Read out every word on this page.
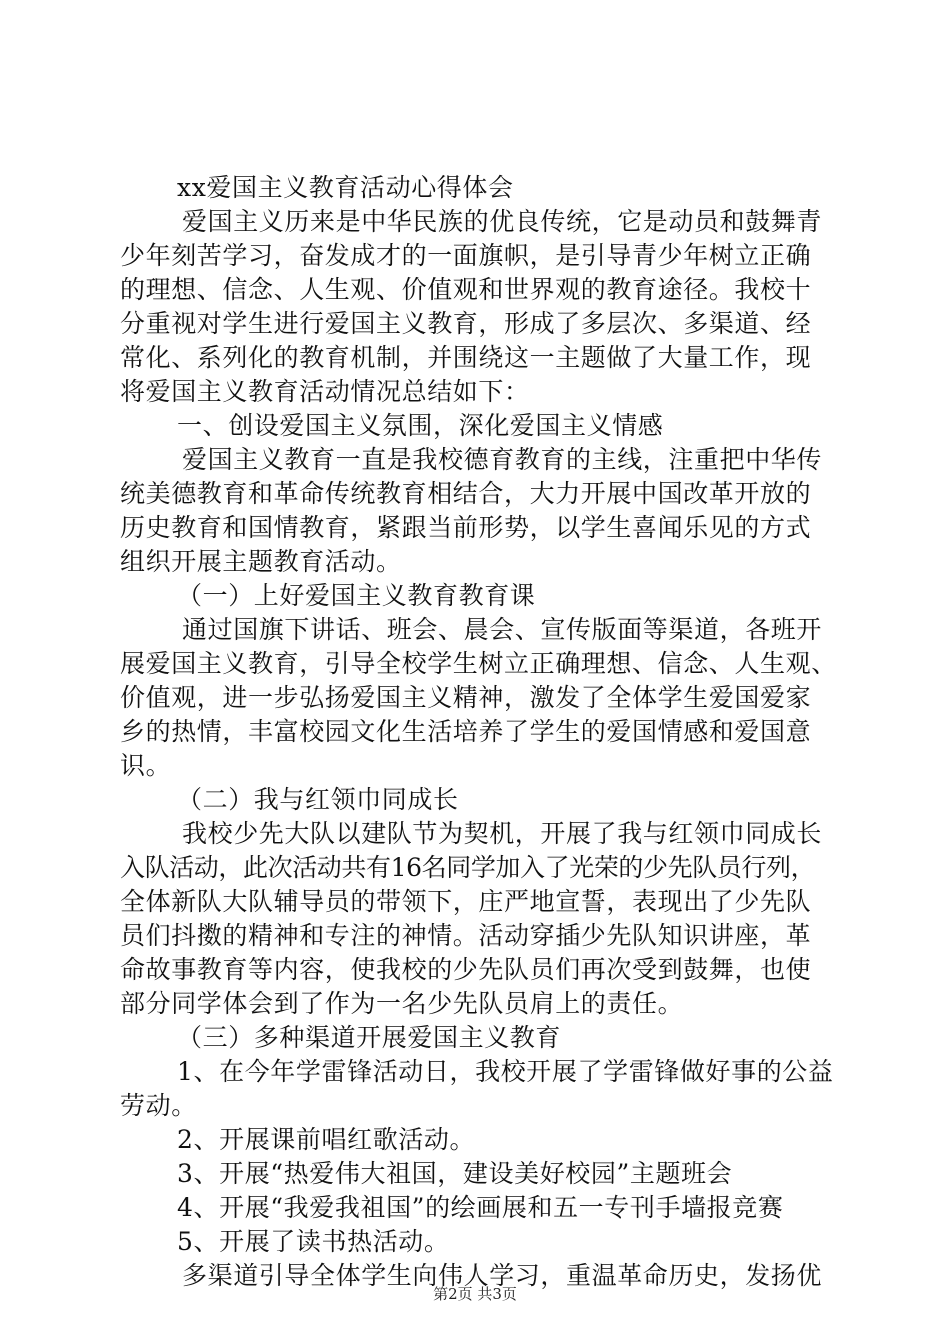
xx爱国主义教育活动心得体会
爱国主义历来是中华民族的优良传统，它是动员和鼓舞青
少年刻苦学习，奋发成才的一面旗帜，是引导青少年树立正确
的理想、信念、人生观、价值观和世界观的教育途径。我校十
分重视对学生进行爱国主义教育，形成了多层次、多渠道、经
常化、系列化的教育机制，并围绕这一主题做了大量工作，现
将爱国主义教育活动情况总结如下：
一、创设爱国主义氛围，深化爱国主义情感
爱国主义教育一直是我校德育教育的主线，注重把中华传
统美德教育和革命传统教育相结合，大力开展中国改革开放的
历史教育和国情教育，紧跟当前形势，以学生喜闻乐见的方式
组织开展主题教育活动。
（一）上好爱国主义教育教育课
通过国旗下讲话、班会、晨会、宣传版面等渠道，各班开
展爱国主义教育，引导全校学生树立正确理想、信念、人生观、
价值观，进一步弘扬爱国主义精神，激发了全体学生爱国爱家
乡的热情，丰富校园文化生活培养了学生的爱国情感和爱国意
识。
（二）我与红领巾同成长
我校少先大队以建队节为契机，开展了我与红领巾同成长
入队活动，此次活动共有16名同学加入了光荣的少先队员行列，
全体新队大队辅导员的带领下，庄严地宣誓，表现出了少先队
员们抖擞的精神和专注的神情。活动穿插少先队知识讲座，革
命故事教育等内容，使我校的少先队员们再次受到鼓舞，也使
部分同学体会到了作为一名少先队员肩上的责任。
（三）多种渠道开展爱国主义教育
1、在今年学雷锋活动日，我校开展了学雷锋做好事的公益
劳动。
2、开展课前唱红歌活动。
3、开展“热爱伟大祖国，建设美好校园”主题班会
4、开展“我爱我祖国”的绘画展和五一专刊手墙报竞赛
5、开展了读书热活动。
多渠道引导全体学生向伟人学习，重温革命历史，发扬优
第2页 共3页
